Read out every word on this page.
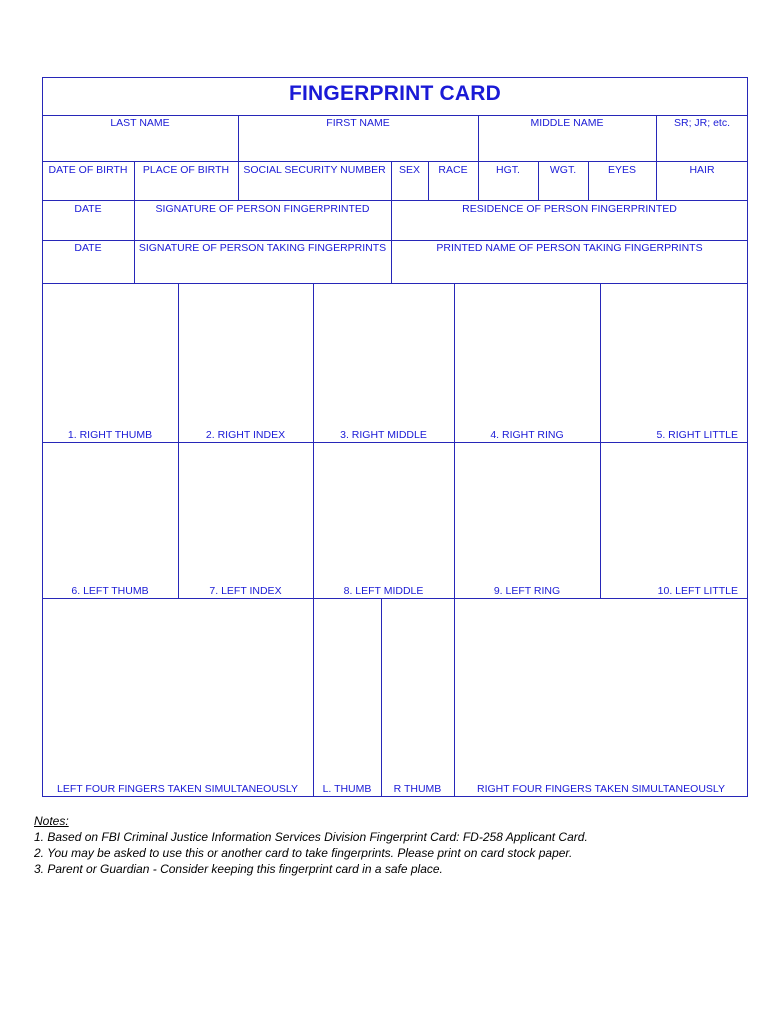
FINGERPRINT CARD
LAST NAME	FIRST NAME	MIDDLE NAME	SR; JR; etc.
DATE OF BIRTH	PLACE OF BIRTH	SOCIAL SECURITY NUMBER	SEX	RACE	HGT.	WGT.	EYES	HAIR
DATE	SIGNATURE OF PERSON FINGERPRINTED	RESIDENCE OF PERSON FINGERPRINTED
DATE	SIGNATURE OF PERSON TAKING FINGERPRINTS	PRINTED NAME OF PERSON TAKING FINGERPRINTS
1. RIGHT THUMB	2. RIGHT INDEX	3. RIGHT MIDDLE	4. RIGHT RING	5. RIGHT LITTLE
6. LEFT THUMB	7. LEFT INDEX	8. LEFT MIDDLE	9. LEFT RING	10. LEFT LITTLE
LEFT FOUR FINGERS TAKEN SIMULTANEOUSLY	L. THUMB	R THUMB	RIGHT FOUR FINGERS TAKEN SIMULTANEOUSLY
Notes:
1. Based on FBI Criminal Justice Information Services Division Fingerprint Card: FD-258 Applicant Card.
2. You may be asked to use this or another card to take fingerprints. Please print on card stock paper.
3. Parent or Guardian - Consider keeping this fingerprint card in a safe place.
